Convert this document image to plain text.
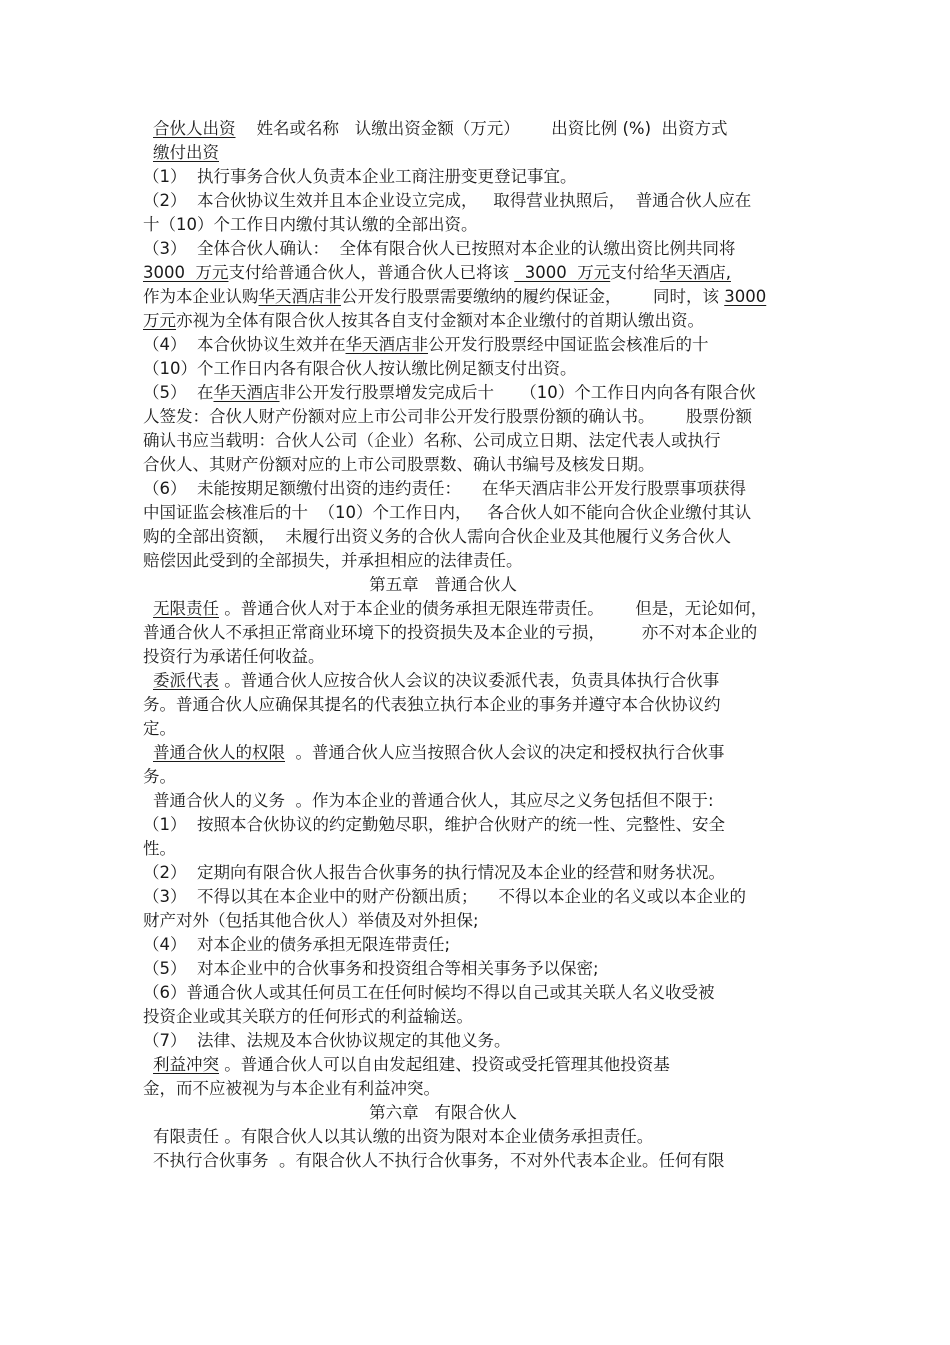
合伙人出资 姓名或名称 认缴出资金额（万元） 出资比例 (%) 出资方式
缴付出资
（1）  执行事务合伙人负责本企业工商注册变更登记事宜。
（2）  本合伙协议生效并且本企业设立完成，   取得营业执照后，  普通合伙人应在
十（10）个工作日内缴付其认缴的全部出资。
（3）  全体合伙人确认：  全体有限合伙人已按照对本企业的认缴出资比例共同将
3000  万元支付给普通合伙人，普通合伙人已将该   3000  万元支付给华天酒店,
作为本企业认购华天酒店非公开发行股票需要缴纳的履约保证金，      同时，该 3000
万元亦视为全体有限合伙人按其各自支付金额对本企业缴付的首期认缴出资。
（4）  本合伙协议生效并在华天酒店非公开发行股票经中国证监会核准后的十
（10）个工作日内各有限合伙人按认缴比例足额支付出资。
（5）  在华天酒店非公开发行股票增发完成后十     （10）个工作日内向各有限合伙
人签发：合伙人财产份额对应上市公司非公开发行股票份额的确认书。      股票份额
确认书应当载明：合伙人公司（企业）名称、公司成立日期、法定代表人或执行
合伙人、其财产份额对应的上市公司股票数、确认书编号及核发日期。
（6）  未能按期足额缴付出资的违约责任：    在华天酒店非公开发行股票事项获得
中国证监会核准后的十  （10）个工作日内，   各合伙人如不能向合伙企业缴付其认
购的全部出资额，  未履行出资义务的合伙人需向合伙企业及其他履行义务合伙人
赔偿因此受到的全部损失，并承担相应的法律责任。
第五章   普通合伙人
无限责任 。普通合伙人对于本企业的债务承担无限连带责任。      但是，无论如何，
普通合伙人不承担正常商业环境下的投资损失及本企业的亏损，       亦不对本企业的
投资行为承诺任何收益。
委派代表 。普通合伙人应按合伙人会议的决议委派代表，负责具体执行合伙事
务。普通合伙人应确保其提名的代表独立执行本企业的事务并遵守本合伙协议约
定。
普通合伙人的权限  。普通合伙人应当按照合伙人会议的决定和授权执行合伙事
务。
普通合伙人的义务  。作为本企业的普通合伙人，其应尽之义务包括但不限于:
（1）  按照本合伙协议的约定勤勉尽职，维护合伙财产的统一性、完整性、安全
性。
（2）  定期向有限合伙人报告合伙事务的执行情况及本企业的经营和财务状况。
（3）  不得以其在本企业中的财产份额出质；    不得以本企业的名义或以本企业的
财产对外（包括其他合伙人）举债及对外担保;
（4）  对本企业的债务承担无限连带责任;
（5）  对本企业中的合伙事务和投资组合等相关事务予以保密;
（6）普通合伙人或其任何员工在任何时候均不得以自己或其关联人名义收受被
投资企业或其关联方的任何形式的利益输送。
（7）  法律、法规及本合伙协议规定的其他义务。
利益冲突 。普通合伙人可以自由发起组建、投资或受托管理其他投资基
金，而不应被视为与本企业有利益冲突。
第六章   有限合伙人
有限责任 。有限合伙人以其认缴的出资为限对本企业债务承担责任。
不执行合伙事务  。有限合伙人不执行合伙事务，不对外代表本企业。任何有限
